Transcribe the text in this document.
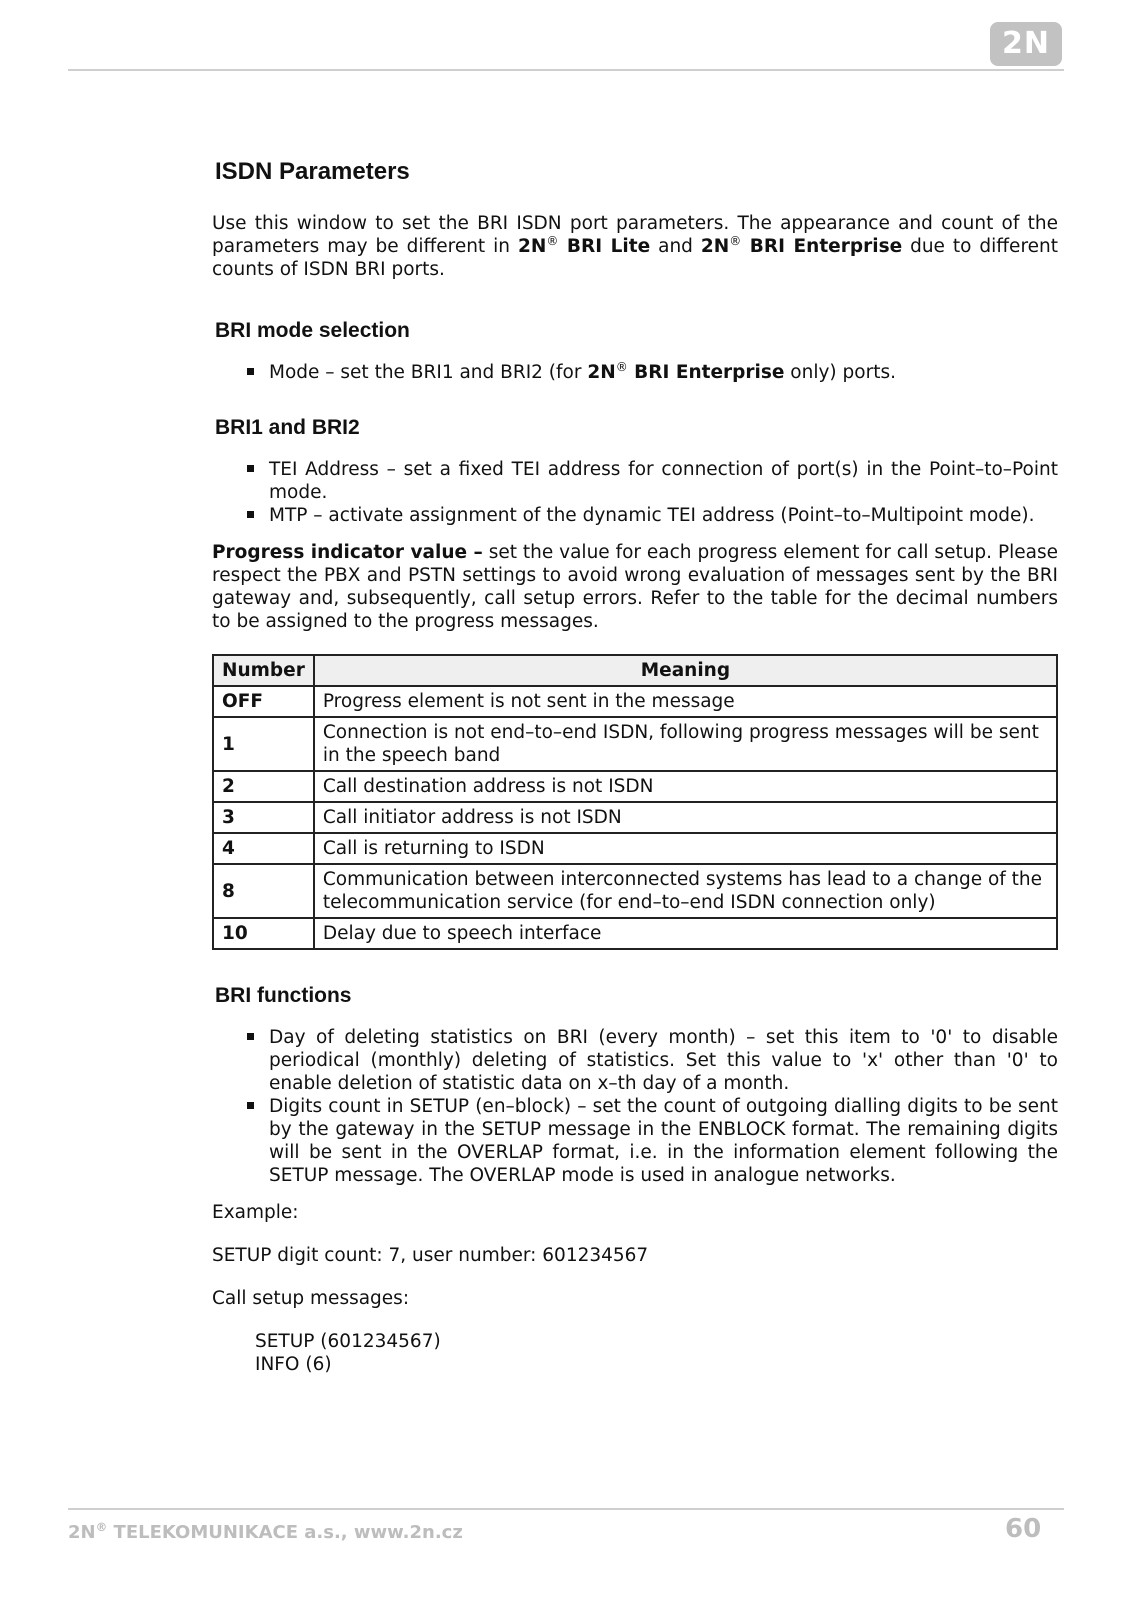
2N
ISDN Parameters

Use this window to set the BRI ISDN port parameters. The appearance and count of the parameters may be different in 2N® BRI Lite and 2N® BRI Enterprise due to different counts of ISDN BRI ports.

BRI mode selection
Mode – set the BRI1 and BRI2 (for 2N® BRI Enterprise only) ports.
BRI1 and BRI2
TEI Address – set a fixed TEI address for connection of port(s) in the Point–to–Point mode.
MTP – activate assignment of the dynamic TEI address (Point–to–Multipoint mode).

Progress indicator value – set the value for each progress element for call setup. Please respect the PBX and PSTN settings to avoid wrong evaluation of messages sent by the BRI gateway and, subsequently, call setup errors. Refer to the table for the decimal numbers to be assigned to the progress messages.

Number	Meaning
OFF	Progress element is not sent in the message
1	Connection is not end–to–end ISDN, following progress messages will be sent in the speech band
2	Call destination address is not ISDN
3	Call initiator address is not ISDN
4	Call is returning to ISDN
8	Communication between interconnected systems has lead to a change of the telecommunication service (for end–to–end ISDN connection only)
10	Delay due to speech interface
BRI functions
Day of deleting statistics on BRI (every month) – set this item to '0' to disable periodical (monthly) deleting of statistics. Set this value to 'x' other than '0' to enable deletion of statistic data on x–th day of a month.
Digits count in SETUP (en–block) – set the count of outgoing dialling digits to be sent by the gateway in the SETUP message in the ENBLOCK format. The remaining digits will be sent in the OVERLAP format, i.e. in the information element following the SETUP message. The OVERLAP mode is used in analogue networks.
Example:
SETUP digit count: 7, user number: 601234567
Call setup messages:
SETUP (601234567)
INFO (6)
2N® TELEKOMUNIKACE a.s., www.2n.cz	60
